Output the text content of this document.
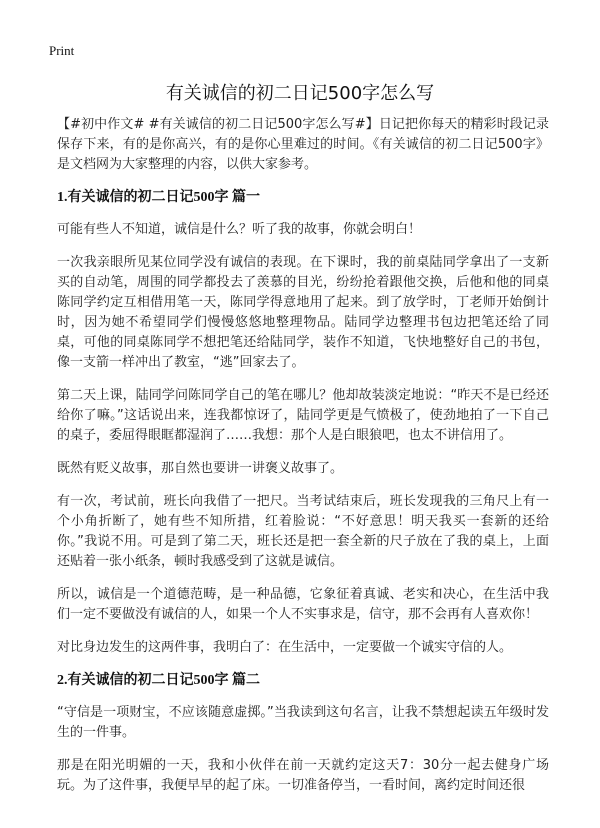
Print
有关诚信的初二日记500字怎么写

【#初中作文# #有关诚信的初二日记500字怎么写#】日记把你每天的精彩时段记录保存下来，有的是你高兴，有的是你心里难过的时间。《有关诚信的初二日记500字》是文档网为大家整理的内容，以供大家参考。

1.有关诚信的初二日记500字 篇一

可能有些人不知道，诚信是什么？听了我的故事，你就会明白！

一次我亲眼所见某位同学没有诚信的表现。在下课时，我的前桌陆同学拿出了一支新买的自动笔，周围的同学都投去了羡慕的目光，纷纷抢着跟他交换，后他和他的同桌陈同学约定互相借用笔一天，陈同学得意地用了起来。到了放学时，丁老师开始倒计时，因为她不希望同学们慢慢悠悠地整理物品。陆同学边整理书包边把笔还给了同桌，可他的同桌陈同学不想把笔还给陆同学，装作不知道，飞快地整好自己的书包，像一支箭一样冲出了教室，“逃”回家去了。

第二天上课，陆同学问陈同学自己的笔在哪儿？他却故装淡定地说：“昨天不是已经还给你了嘛。”这话说出来，连我都惊讶了，陆同学更是气愤极了，使劲地拍了一下自己的桌子，委屈得眼眶都湿润了……我想：那个人是白眼狼吧，也太不讲信用了。

既然有贬义故事，那自然也要讲一讲褒义故事了。

有一次，考试前，班长向我借了一把尺。当考试结束后，班长发现我的三角尺上有一个小角折断了，她有些不知所措，红着脸说：“不好意思！明天我买一套新的还给你。”我说不用。可是到了第二天，班长还是把一套全新的尺子放在了我的桌上，上面还贴着一张小纸条，顿时我感受到了这就是诚信。

所以，诚信是一个道德范畴，是一种品德，它象征着真诚、老实和决心，在生活中我们一定不要做没有诚信的人，如果一个人不实事求是，信守，那不会再有人喜欢你！

对比身边发生的这两件事，我明白了：在生活中，一定要做一个诚实守信的人。

2.有关诚信的初二日记500字 篇二

“守信是一项财宝，不应该随意虚掷。”当我读到这句名言，让我不禁想起读五年级时发生的一件事。

那是在阳光明媚的一天，我和小伙伴在前一天就约定这天7：30分一起去健身广场玩。为了这件事，我便早早的起了床。一切准备停当，一看时间，离约定时间还很
